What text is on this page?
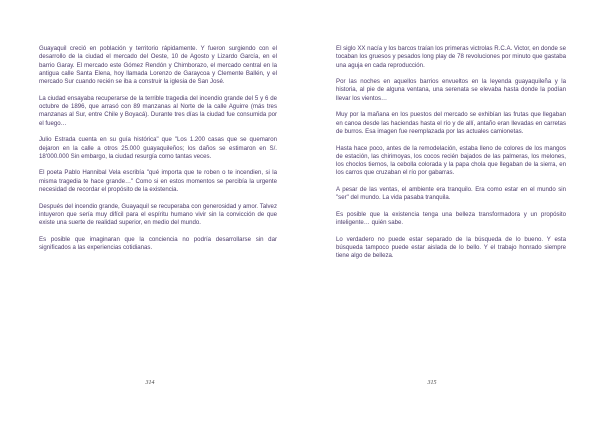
Guayaquil creció en población y territorio rápidamente. Y fueron surgiendo con el desarrollo de la ciudad el mercado del Oeste, 10 de Agosto y Lizardo García, en el barrio Garay. El mercado este Gómez Rendón y Chimborazo, el mercado central en la antigua calle Santa Elena, hoy llamada Lorenzo de Garaycoa y Clemente Ballén, y el mercado Sur cuando recién se iba a construir la iglesia de San José.

La ciudad ensayaba recuperarse de la terrible tragedia del incendio grande del 5 y 6 de octubre de 1896, que arrasó con 89 manzanas al Norte de la calle Aguirre (más tres manzanas al Sur, entre Chile y Boyacá). Durante tres días la ciudad fue consumida por el fuego…

Julio Estrada cuenta en su guía histórica" que "Los 1.200 casas que se quemaron dejaron en la calle a otros 25.000 guayaquileños; los daños se estimaron en S/. 18'000.000 Sin embargo, la ciudad resurgía como tantas veces.

El poeta Pablo Hannibal Vela escribía "qué importa que te roben o te incendien, si la misma tragedia te hace grande…" Como si en estos momentos se percibía la urgente necesidad de recordar el propósito de la existencia.

Después del incendio grande, Guayaquil se recuperaba con generosidad y amor. Talvez intuyeron que sería muy difícil para el espíritu humano vivir sin la convicción de que existe una suerte de realidad superior, en medio del mundo.

Es posible que imaginaran que la conciencia no podría desarrollarse sin dar significados a las experiencias cotidianas.

314

El siglo XX nacía y los barcos traían los primeras victrolas R.C.A. Victor, en donde se tocaban los gruesos y pesados long play de 78 revoluciones por minuto que gastaba una aguja en cada reproducción.

Por las noches en aquellos barrios envueltos en la leyenda guayaquileña y la historia, al pie de alguna ventana, una serenata se elevaba hasta donde la podían llevar los vientos…

Muy por la mañana en los puestos del mercado se exhibían las frutas que llegaban en canoa desde las haciendas hasta el río y de allí, antaño eran llevadas en carretas de burros. Esa imagen fue reemplazada por las actuales camionetas.

Hasta hace poco, antes de la remodelación, estaba lleno de colores de los mangos de estación, las chirimoyas, los cocos recién bajados de las palmeras, los melones, los choclos tiernos, la cebolla colorada y la papa chola que llegaban de la sierra, en los carros que cruzaban el río por gabarras.

A pesar de las ventas, el ambiente era tranquilo. Era como estar en el mundo sin "ser" del mundo. La vida pasaba tranquila.

Es posible que la existencia tenga una belleza transformadora y un propósito inteligente… quién sabe.

Lo verdadero no puede estar separado de la búsqueda de lo bueno. Y esta búsqueda tampoco puede estar aislada de lo bello. Y el trabajo honrado siempre tiene algo de belleza.

315
